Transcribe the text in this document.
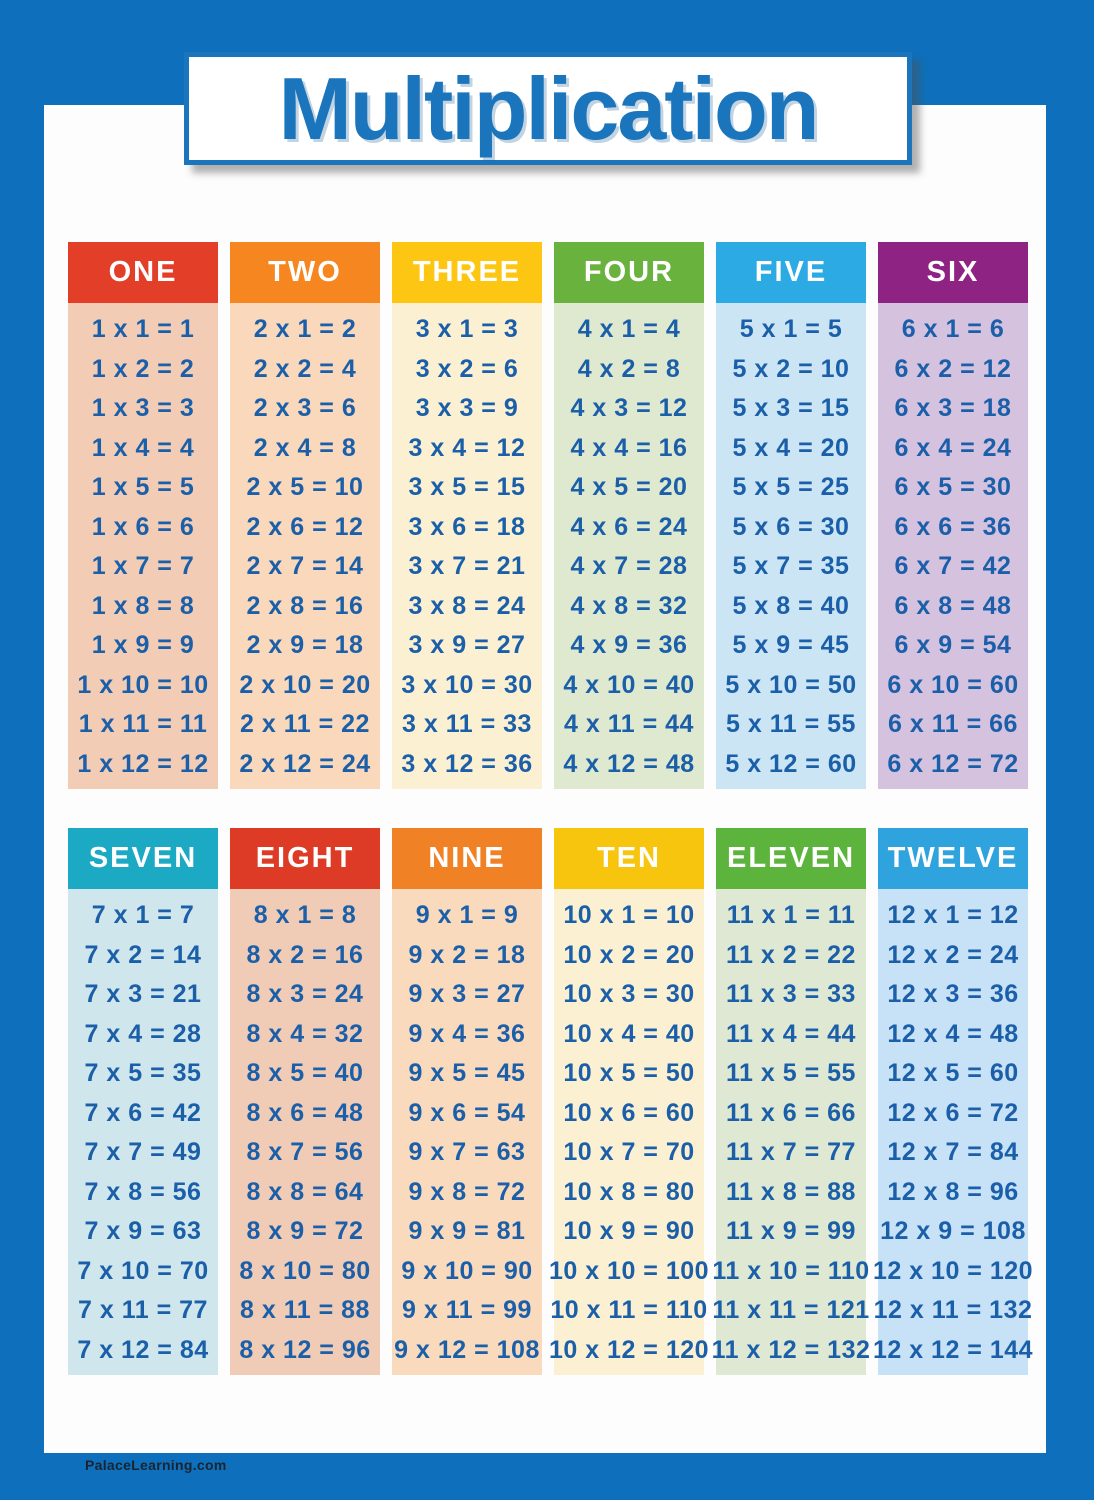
Multiplication
ONE
1 x 1 = 1
1 x 2 = 2
1 x 3 = 3
1 x 4 = 4
1 x 5 = 5
1 x 6 = 6
1 x 7 = 7
1 x 8 = 8
1 x 9 = 9
1 x 10 = 10
1 x 11 = 11
1 x 12 = 12
TWO
2 x 1 = 2
2 x 2 = 4
2 x 3 = 6
2 x 4 = 8
2 x 5 = 10
2 x 6 = 12
2 x 7 = 14
2 x 8 = 16
2 x 9 = 18
2 x 10 = 20
2 x 11 = 22
2 x 12 = 24
THREE
3 x 1 = 3
3 x 2 = 6
3 x 3 = 9
3 x 4 = 12
3 x 5 = 15
3 x 6 = 18
3 x 7 = 21
3 x 8 = 24
3 x 9 = 27
3 x 10 = 30
3 x 11 = 33
3 x 12 = 36
FOUR
4 x 1 = 4
4 x 2 = 8
4 x 3 = 12
4 x 4 = 16
4 x 5 = 20
4 x 6 = 24
4 x 7 = 28
4 x 8 = 32
4 x 9 = 36
4 x 10 = 40
4 x 11 = 44
4 x 12 = 48
FIVE
5 x 1 = 5
5 x 2 = 10
5 x 3 = 15
5 x 4 = 20
5 x 5 = 25
5 x 6 = 30
5 x 7 = 35
5 x 8 = 40
5 x 9 = 45
5 x 10 = 50
5 x 11 = 55
5 x 12 = 60
SIX
6 x 1 = 6
6 x 2 = 12
6 x 3 = 18
6 x 4 = 24
6 x 5 = 30
6 x 6 = 36
6 x 7 = 42
6 x 8 = 48
6 x 9 = 54
6 x 10 = 60
6 x 11 = 66
6 x 12 = 72
SEVEN
7 x 1 = 7
7 x 2 = 14
7 x 3 = 21
7 x 4 = 28
7 x 5 = 35
7 x 6 = 42
7 x 7 = 49
7 x 8 = 56
7 x 9 = 63
7 x 10 = 70
7 x 11 = 77
7 x 12 = 84
EIGHT
8 x 1 = 8
8 x 2 = 16
8 x 3 = 24
8 x 4 = 32
8 x 5 = 40
8 x 6 = 48
8 x 7 = 56
8 x 8 = 64
8 x 9 = 72
8 x 10 = 80
8 x 11 = 88
8 x 12 = 96
NINE
9 x 1 = 9
9 x 2 = 18
9 x 3 = 27
9 x 4 = 36
9 x 5 = 45
9 x 6 = 54
9 x 7 = 63
9 x 8 = 72
9 x 9 = 81
9 x 10 = 90
9 x 11 = 99
9 x 12 = 108
TEN
10 x 1 = 10
10 x 2 = 20
10 x 3 = 30
10 x 4 = 40
10 x 5 = 50
10 x 6 = 60
10 x 7 = 70
10 x 8 = 80
10 x 9 = 90
10 x 10 = 100
10 x 11 = 110
10 x 12 = 120
ELEVEN
11 x 1 = 11
11 x 2 = 22
11 x 3 = 33
11 x 4 = 44
11 x 5 = 55
11 x 6 = 66
11 x 7 = 77
11 x 8 = 88
11 x 9 = 99
11 x 10 = 110
11 x 11 = 121
11 x 12 = 132
TWELVE
12 x 1 = 12
12 x 2 = 24
12 x 3 = 36
12 x 4 = 48
12 x 5 = 60
12 x 6 = 72
12 x 7 = 84
12 x 8 = 96
12 x 9 = 108
12 x 10 = 120
12 x 11 = 132
12 x 12 = 144
PalaceLearning.com
